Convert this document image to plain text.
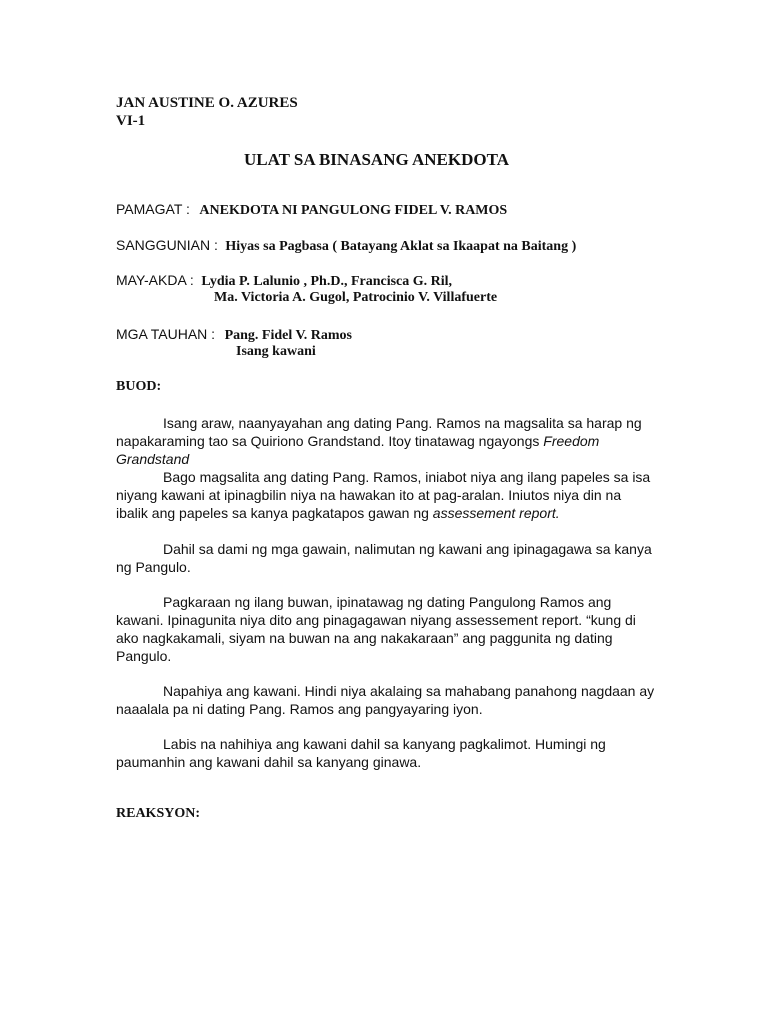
JAN AUSTINE O. AZURES
VI-1
ULAT SA BINASANG ANEKDOTA
PAMAGAT : ANEKDOTA NI PANGULONG FIDEL V. RAMOS
SANGGUNIAN : Hiyas sa Pagbasa ( Batayang Aklat sa Ikaapat na Baitang )
MAY-AKDA : Lydia P. Lalunio , Ph.D., Francisca G. Ril,
Ma. Victoria A. Gugol, Patrocinio V. Villafuerte
MGA TAUHAN : Pang. Fidel V. Ramos
Isang kawani
BUOD:
Isang araw, naanyayahan ang dating Pang. Ramos na magsalita sa harap ng
napakaraming tao sa Quiriono Grandstand. Itoy tinatawag ngayongs Freedom
Grandstand
Bago magsalita ang dating Pang. Ramos, iniabot niya ang ilang papeles sa isa
niyang kawani at ipinagbilin niya na hawakan ito at pag-aralan. Iniutos niya din na
ibalik ang papeles sa kanya pagkatapos gawan ng assessement report.
Dahil sa dami ng mga gawain, nalimutan ng kawani ang ipinagagawa sa kanya
ng Pangulo.
Pagkaraan ng ilang buwan, ipinatawag ng dating Pangulong Ramos ang
kawani. Ipinagunita niya dito ang pinagagawan niyang assessement report. “kung di
ako nagkakamali, siyam na buwan na ang nakakaraan” ang paggunita ng dating
Pangulo.
Napahiya ang kawani. Hindi niya akalaing sa mahabang panahong nagdaan ay
naaalala pa ni dating Pang. Ramos ang pangyayaring iyon.
Labis na nahihiya ang kawani dahil sa kanyang pagkalimot. Humingi ng
paumanhin ang kawani dahil sa kanyang ginawa.
REAKSYON:
